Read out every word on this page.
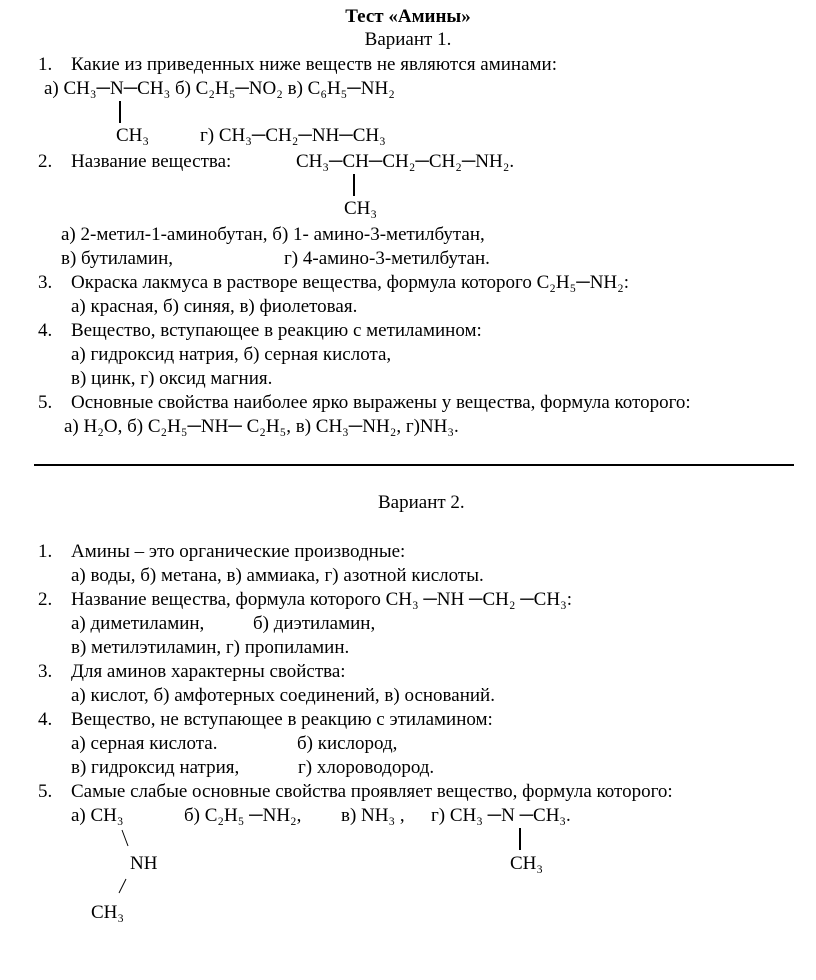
Тест «Амины»
Вариант 1.
1. Какие из приведенных ниже веществ не являются аминами:
а) CH₃─N─CH₃ б) C₂H₅─NO₂ в) C₆H₅─NH₂
CH₃	г) CH₃─CH₂─NH─CH₃
2. Название вещества:	CH₃─CH─CH₂─CH₂─NH₂.
CH₃
а) 2-метил-1-аминобутан, б) 1- амино-3-метилбутан,
в) бутиламин,	г) 4-амино-3-метилбутан.
3. Окраска лакмуса в растворе вещества, формула которого C₂H₅─NH₂:
а) красная, б) синяя, в) фиолетовая.
4. Вещество, вступающее в реакцию с метиламином:
а) гидроксид натрия, б) серная кислота,
в) цинк, г) оксид магния.
5. Основные свойства наиболее ярко выражены у вещества, формула которого:
а) H₂O, б) C₂H₅─NH─ C₂H₅, в) CH₃─NH₂, г)NH₃.
Вариант 2.
1. Амины – это органические производные:
а) воды, б) метана, в) аммиака, г) азотной кислоты.
2. Название вещества, формула которого CH₃ ─NH ─CH₂ ─CH₃:
а) диметиламин,	б) диэтиламин,
в) метилэтиламин, г) пропиламин.
3. Для аминов характерны свойства:
а) кислот, б) амфотерных соединений, в) оснований.
4. Вещество, не вступающее в реакцию с этиламином:
а) серная кислота.	б) кислород,
в) гидроксид натрия,	г) хлороводород.
5. Самые слабые основные свойства проявляет вещество, формула которого:
а) CH₃	б) C₂H₅ ─NH₂, в) NH₃ , г) CH₃ ─N ─CH₃.
NH	CH₃
CH₃
